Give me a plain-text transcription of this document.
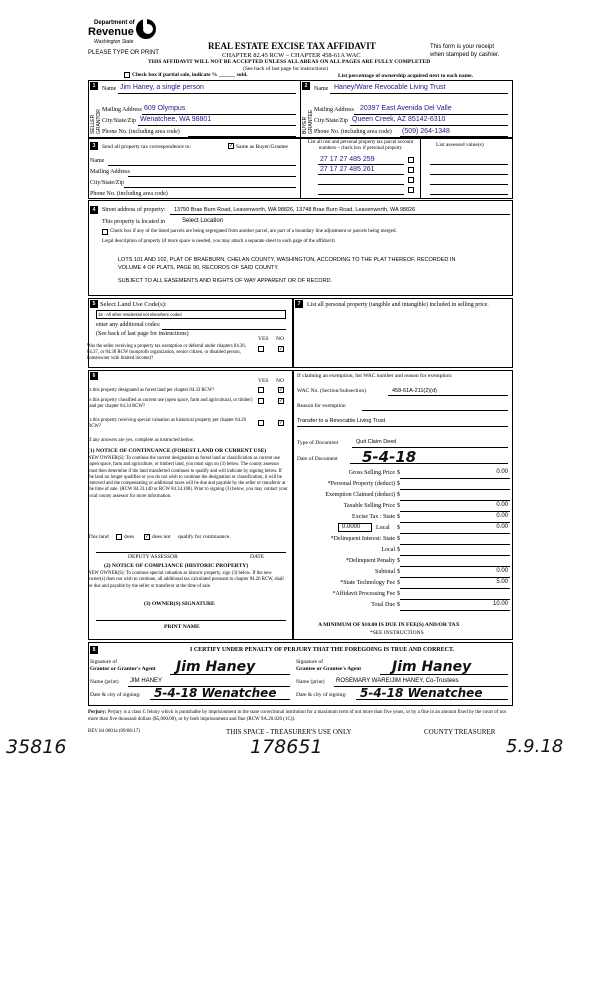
Department of
Revenue
Washington State
PLEASE TYPE OR PRINT
REAL ESTATE EXCISE TAX AFFIDAVIT
CHAPTER 82.45 RCW – CHAPTER 458-61A WAC
THIS AFFIDAVIT WILL NOT BE ACCEPTED UNLESS ALL AREAS ON ALL PAGES ARE FULLY COMPLETED
(See back of last page for instructions)
This form is your receipt
when stamped by cashier.
Check box if partial sale, indicate % ______ sold.	List percentage of ownership acquired next to each name.
1
SELLER GRANTOR
Name Jim Haney, a single person
Mailing Address 609 Olympus
City/State/Zip Wenatchee, WA 98801
Phone No. (including area code)
2
BUYER GRANTEE
Name Haney/Ware Revocable Living Trust
Mailing Address 20397 East Avenida Del Valle
City/State/Zip Queen Creek, AZ 85142-6310
Phone No. (including area code) (509) 264-1348
3	Send all property tax correspondence to:	✓ Same as Buyer/Grantee
Name
Mailing Address
City/State/Zip
Phone No. (including area code)
List all real and personal property tax parcel account numbers – check box if personal property
List assessed value(s)
27 17 27 485 259
27 17 27 485 261
4	Street address of property: 13750 Brae Burn Road, Leavenworth, WA 98826, 13748 Brae Burn Road, Leavenworth, WA 98826
This property is located in	Select Location
Check box if any of the listed parcels are being segregated from another parcel, are part of a boundary line adjustment or parcels being merged.
Legal description of property (if more space is needed, you may attach a separate sheet to each page of the affidavit)
LOTS 101 AND 102, PLAT OF BRAEBURN, CHELAN COUNTY, WASHINGTON, ACCORDING TO THE PLAT THEREOF, RECORDED IN VOLUME 4 OF PLATS, PAGE 90, RECORDS OF SAID COUNTY.
SUBJECT TO ALL EASEMENTS AND RIGHTS OF WAY APPARENT OR OF RECORD.
5 Select Land Use Code(s):
18 - All other residential not elsewhere coded
enter any additional codes:
(See back of last page for instructions)
YES NO
Was the seller receiving a property tax exemption or deferral under chapters 84.36, 84.37, or 84.38 RCW (nonprofit organization, senior citizen, or disabled person, homeowner with limited income)?
✓
7	List all personal property (tangible and intangible) included in selling price.
6
YES NO
Is this property designated as forest land per chapter 84.33 RCW?	✓
Is this property classified as current use (open space, farm and agricultural, or timber) land per chapter 84.34 RCW?
✓
Is this property receiving special valuation as historical property per chapter 84.26 RCW?
✓
If any answers are yes, complete as instructed below.
(1) NOTICE OF CONTINUANCE (FOREST LAND OR CURRENT USE)
NEW OWNER(S): To continue the current designation as forest land or classification as current use (open space, farm and agriculture, or timber) land, you must sign on (3) below. The county assessor must then determine if the land transferred continues to qualify and will indicate by signing below. If the land no longer qualifies or you do not wish to continue the designation or classification, it will be removed and the compensating or additional taxes will be due and payable by the seller or transferor at the time of sale. (RCW 84.33.140 or RCW 84.34.108). Prior to signing (3) below, you may contact your local county assessor for more information.
This land	does ✓ does not qualify for continuance.
DEPUTY ASSESSOR	DATE
(2) NOTICE OF COMPLIANCE (HISTORIC PROPERTY)
NEW OWNER(S): To continue special valuation as historic property, sign (3) below. If the new owner(s) does not wish to continue, all additional tax calculated pursuant to chapter 84.26 RCW, shall be due and payable by the seller or transferor at the time of sale.
(3) OWNER(S) SIGNATURE
PRINT NAME
If claiming an exemption, list WAC number and reason for exemption:
WAC No. (Section/Subsection)	458-61A-211(2)(d)
Reason for exemption
Transfer to a Revocable Living Trust
Type of Document	Quit Claim Deed
Date of Document 5-4-18
Gross Selling Price $	0.00
*Personal Property (deduct) $
Exemption Claimed (deduct) $
Taxable Selling Price $	0.00
Excise Tax : State $	0.00
0.0000	Local $	0.00
*Delinquent Interest: State $
Local $
*Delinquent Penalty $
Subtotal $	0.00
*State Technology Fee $	5.00
*Affidavit Processing Fee $
Total Due $	10.00
A MINIMUM OF $10.00 IS DUE IN FEE(S) AND/OR TAX
*SEE INSTRUCTIONS
8	I CERTIFY UNDER PENALTY OF PERJURY THAT THE FOREGOING IS TRUE AND CORRECT.
Signature of
Grantor or Grantor's Agent Jim Haney
Name (print) JIM HANEY
Date & city of signing: 5-4-18 Wenatchee
Signature of
Grantee or Grantee's Agent Jim Haney
Name (print) ROSEMARY WARE/JIM HANEY, Co-Trustees
Date & city of signing: 5-4-18 Wenatchee
Perjury: Perjury is a class C felony which is punishable by imprisonment in the state correctional institution for a maximum term of not more than five years, or by a fine in an amount fixed by the court of not more than five thousand dollars ($5,000.00), or by both imprisonment and fine (RCW 9A.20.020 (1C)).
REV 84 0001a (09/06/17)	THIS SPACE - TREASURER'S USE ONLY	COUNTY TREASURER
35816	178651	5.9.18
